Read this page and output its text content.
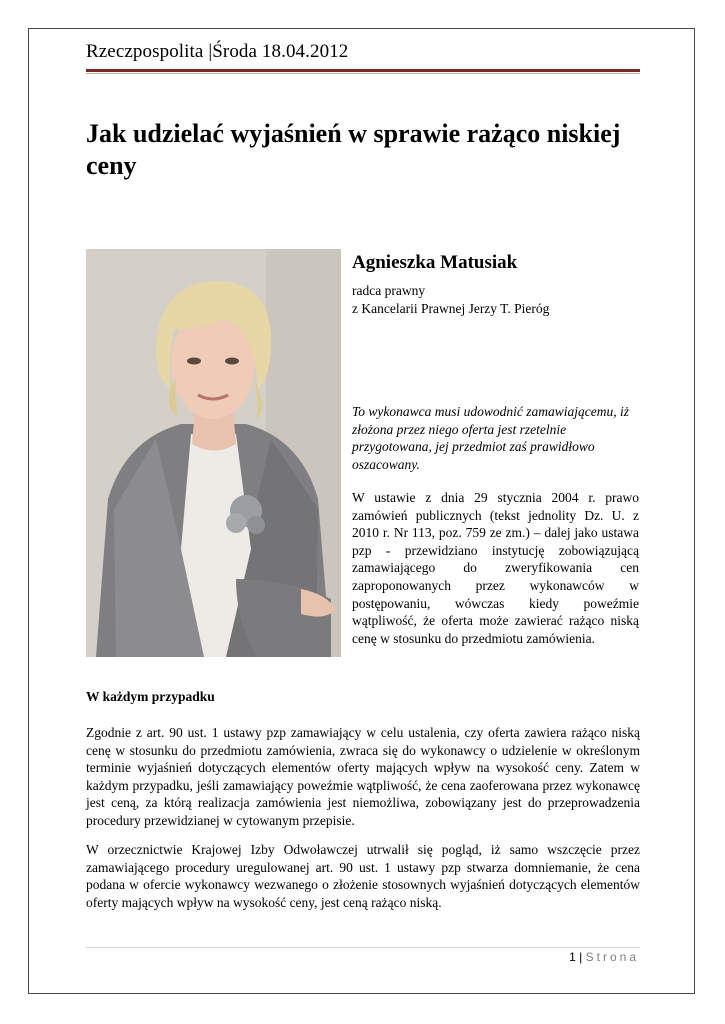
Rzeczpospolita |Środa 18.04.2012
Jak udzielać wyjaśnień w sprawie rażąco niskiej ceny
Agnieszka Matusiak
radca prawny
z Kancelarii Prawnej Jerzy T. Pieróg
To wykonawca musi udowodnić zamawiającemu, iż złożona przez niego oferta jest rzetelnie przygotowana, jej przedmiot zaś prawidłowo oszacowany.

W ustawie z dnia 29 stycznia 2004 r. prawo zamówień publicznych (tekst jednolity Dz. U. z 2010 r. Nr 113, poz. 759 ze zm.) – dalej jako ustawa pzp - przewidziano instytucję zobowiązującą zamawiającego do zweryfikowania cen zaproponowanych przez wykonawców w postępowaniu, wówczas kiedy poweźmie wątpliwość, że oferta może zawierać rażąco niską cenę w stosunku do przedmiotu zamówienia.

W każdym przypadku

Zgodnie z art. 90 ust. 1 ustawy pzp zamawiający w celu ustalenia, czy oferta zawiera rażąco niską cenę w stosunku do przedmiotu zamówienia, zwraca się do wykonawcy o udzielenie w określonym terminie wyjaśnień dotyczących elementów oferty mających wpływ na wysokość ceny. Zatem w każdym przypadku, jeśli zamawiający poweźmie wątpliwość, że cena zaoferowana przez wykonawcę jest ceną, za którą realizacja zamówienia jest niemożliwa, zobowiązany jest do przeprowadzenia procedury przewidzianej w cytowanym przepisie.

W orzecznictwie Krajowej Izby Odwoławczej utrwalił się pogląd, iż samo wszczęcie przez zamawiającego procedury uregulowanej art. 90 ust. 1 ustawy pzp stwarza domniemanie, że cena podana w ofercie wykonawcy wezwanego o złożenie stosownych wyjaśnień dotyczących elementów oferty mających wpływ na wysokość ceny, jest ceną rażąco niską.

1 | Strona
